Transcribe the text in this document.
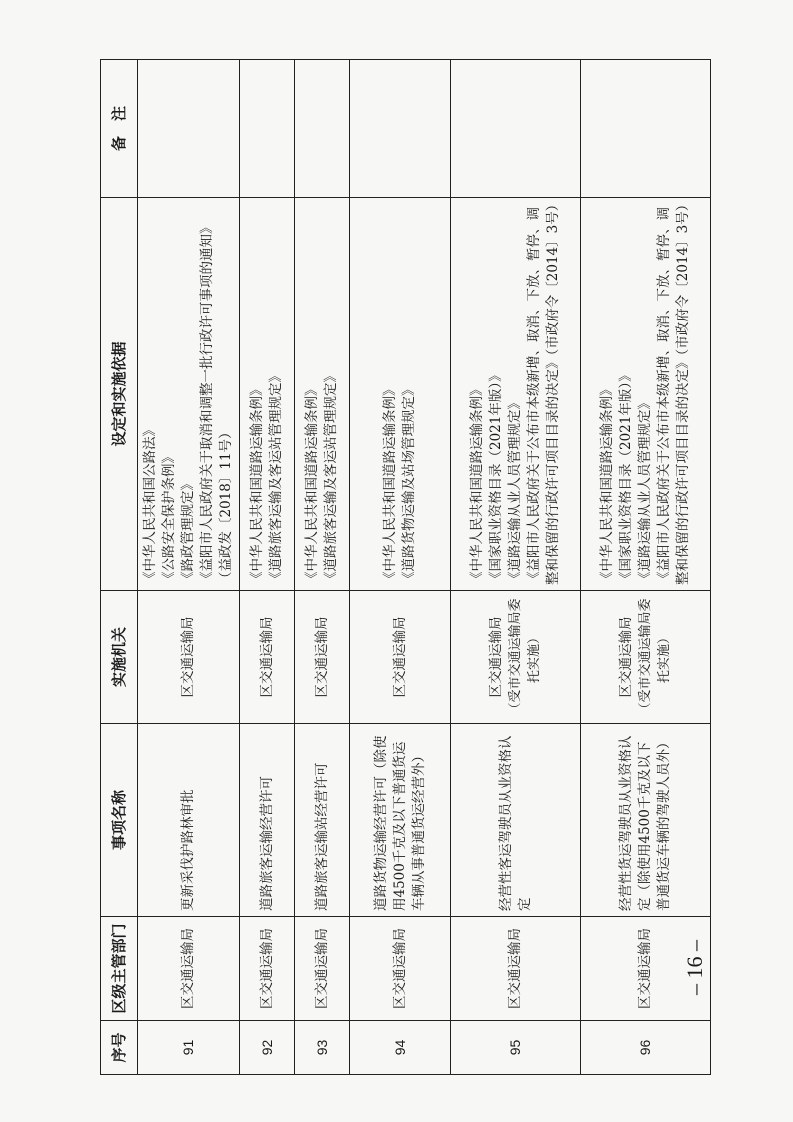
序号	区级主管部门	事项名称	实施机关	设定和实施依据	备　注
91	区交通运输局	更新采伐护路林审批	区交通运输局	《中华人民共和国公路法》 《公路安全保护条例》 《路政管理规定》 《益阳市人民政府关于取消和调整一批行政许可事项的通知》（益政发〔2018〕11号）	

92	区交通运输局	道路旅客运输经营许可	区交通运输局	《中华人民共和国道路运输条例》 《道路旅客运输及客运站管理规定》	

93	区交通运输局	道路旅客运输站经营许可	区交通运输局	《中华人民共和国道路运输条例》 《道路旅客运输及客运站管理规定》	

94	区交通运输局	道路货物运输经营许可（除使用4500千克及以下普通货运车辆从事普通货运经营外）	区交通运输局	《中华人民共和国道路运输条例》 《道路货物运输及站场管理规定》	

95	区交通运输局	经营性客运驾驶员从业资格认定	区交通运输局 （受市交通运输局委托实施）	《中华人民共和国道路运输条例》 《国家职业资格目录（2021年版）》 《道路运输从业人员管理规定》 《益阳市人民政府关于公布市本级新增、取消、下放、暂停、调整和保留的行政许可项目目录的决定》（市政府令〔2014〕3号）	

96	区交通运输局	经营性货运驾驶员从业资格认定（除使用4500千克及以下普通货运车辆的驾驶人员外）	区交通运输局 （受市交通运输局委托实施）	《中华人民共和国道路运输条例》 《国家职业资格目录（2021年版）》 《道路运输从业人员管理规定》 《益阳市人民政府关于公布市本级新增、取消、下放、暂停、调整和保留的行政许可项目目录的决定》（市政府令〔2014〕3号）	

– 16 –
